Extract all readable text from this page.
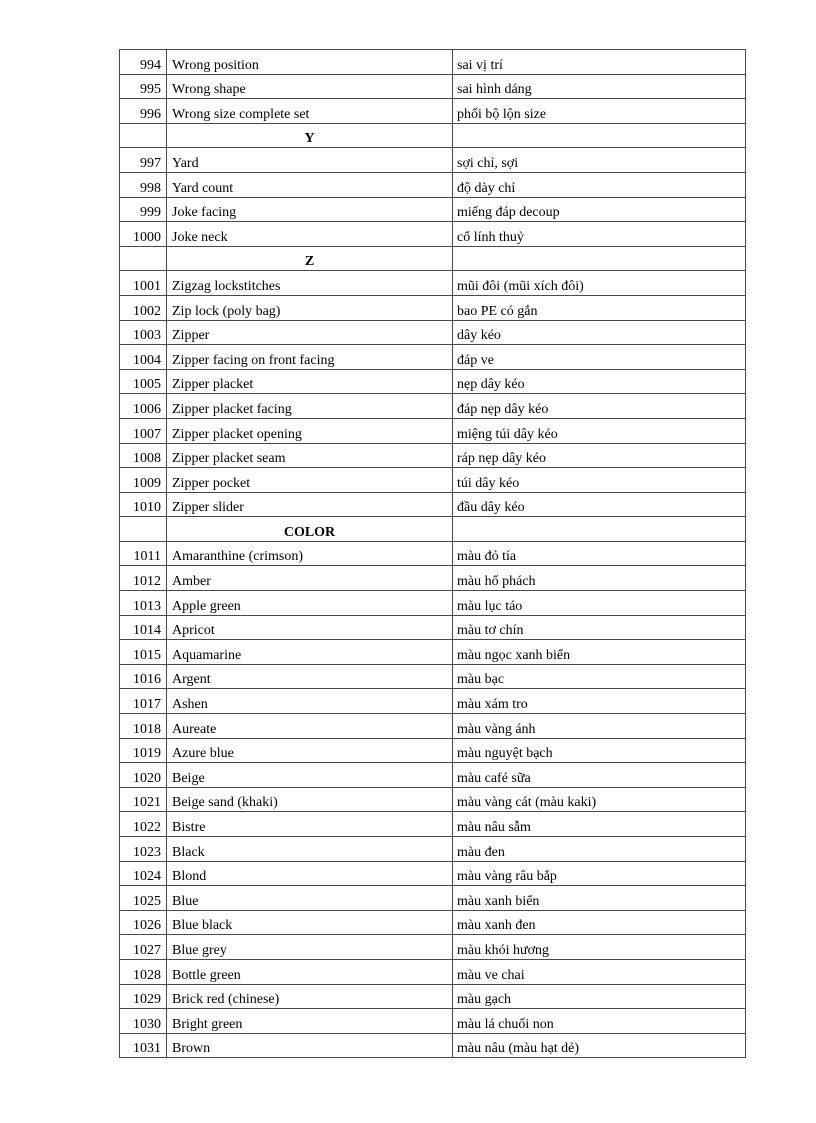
994	Wrong position	sai vị trí
995	Wrong shape	sai hình dáng
996	Wrong size complete set	phối bộ lộn size
	Y	
997	Yard	sợi chỉ, sợi
998	Yard count	độ dày chỉ
999	Joke facing	miếng đáp decoup
1000	Joke neck	cổ lính thuỷ
	Z	
1001	Zigzag lockstitches	mũi đôi (mũi xích đôi)
1002	Zip lock (poly bag)	bao PE có gắn
1003	Zipper	dây kéo
1004	Zipper facing on front facing	đáp ve
1005	Zipper placket	nẹp dây kéo
1006	Zipper placket facing	đáp nẹp dây kéo
1007	Zipper placket opening	miệng túi dây kéo
1008	Zipper placket seam	ráp nẹp dây kéo
1009	Zipper pocket	túi dây kéo
1010	Zipper slider	đầu dây kéo
	COLOR	
1011	Amaranthine (crimson)	màu đỏ tía
1012	Amber	màu hổ phách
1013	Apple green	màu lục táo
1014	Apricot	màu tơ chín
1015	Aquamarine	màu ngọc xanh biển
1016	Argent	màu bạc
1017	Ashen	màu xám tro
1018	Aureate	màu vàng ánh
1019	Azure blue	màu nguyệt bạch
1020	Beige	màu café sữa
1021	Beige sand (khaki)	màu vàng cát (màu kaki)
1022	Bistre	màu nâu sẫm
1023	Black	màu đen
1024	Blond	màu vàng râu bắp
1025	Blue	màu xanh biển
1026	Blue black	màu xanh đen
1027	Blue grey	màu khói hương
1028	Bottle green	màu ve chai
1029	Brick red (chinese)	màu gạch
1030	Bright green	màu lá chuối non
1031	Brown	màu nâu (màu hạt dẻ)
